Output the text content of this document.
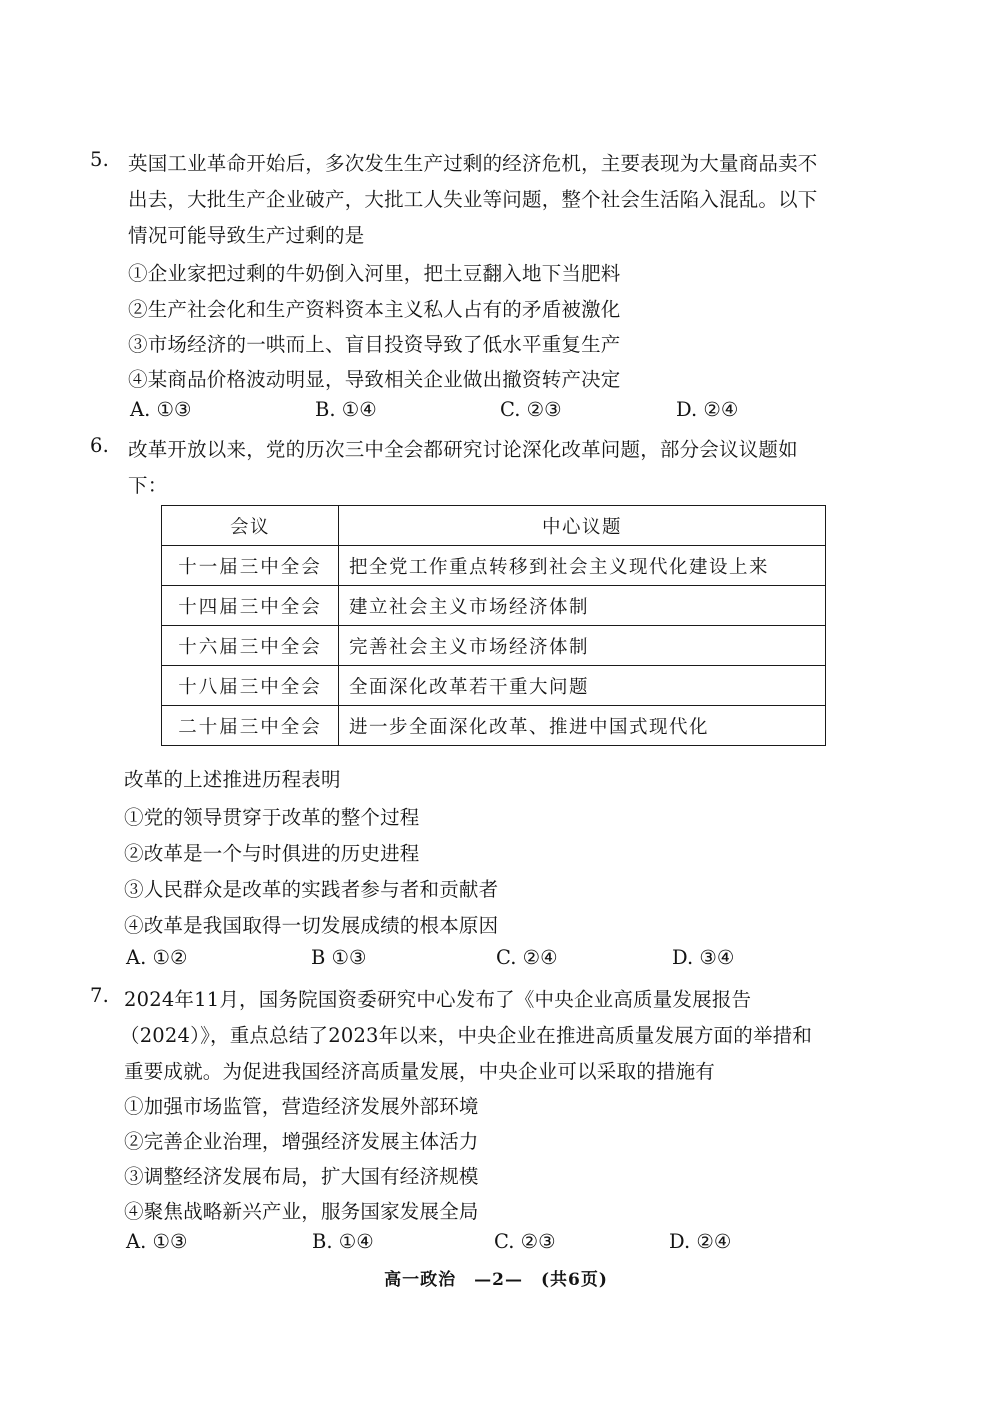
5. 英国工业革命开始后，多次发生生产过剩的经济危机，主要表现为大量商品卖不
出去，大批生产企业破产，大批工人失业等问题，整个社会生活陷入混乱。以下
情况可能导致生产过剩的是
①企业家把过剩的牛奶倒入河里，把土豆翻入地下当肥料
②生产社会化和生产资料资本主义私人占有的矛盾被激化
③市场经济的一哄而上、盲目投资导致了低水平重复生产
④某商品价格波动明显，导致相关企业做出撤资转产决定
A. ①③	B. ①④	C. ②③	D. ②④
6. 改革开放以来，党的历次三中全会都研究讨论深化改革问题，部分会议议题如
下：
会议	中心议题
十一届三中全会	把全党工作重点转移到社会主义现代化建设上来
十四届三中全会	建立社会主义市场经济体制
十六届三中全会	完善社会主义市场经济体制
十八届三中全会	全面深化改革若干重大问题
二十届三中全会	进一步全面深化改革、推进中国式现代化
改革的上述推进历程表明
①党的领导贯穿于改革的整个过程
②改革是一个与时俱进的历史进程
③人民群众是改革的实践者参与者和贡献者
④改革是我国取得一切发展成绩的根本原因
A. ①②	B ①③	C. ②④	D. ③④
7. 2024年11月，国务院国资委研究中心发布了《中央企业高质量发展报告
（2024）》，重点总结了2023年以来，中央企业在推进高质量发展方面的举措和
重要成就。为促进我国经济高质量发展，中央企业可以采取的措施有
①加强市场监管，营造经济发展外部环境
②完善企业治理，增强经济发展主体活力
③调整经济发展布局，扩大国有经济规模
④聚焦战略新兴产业，服务国家发展全局
A. ①③	B. ①④	C. ②③	D. ②④
高一政治　—2—　(共6页)
